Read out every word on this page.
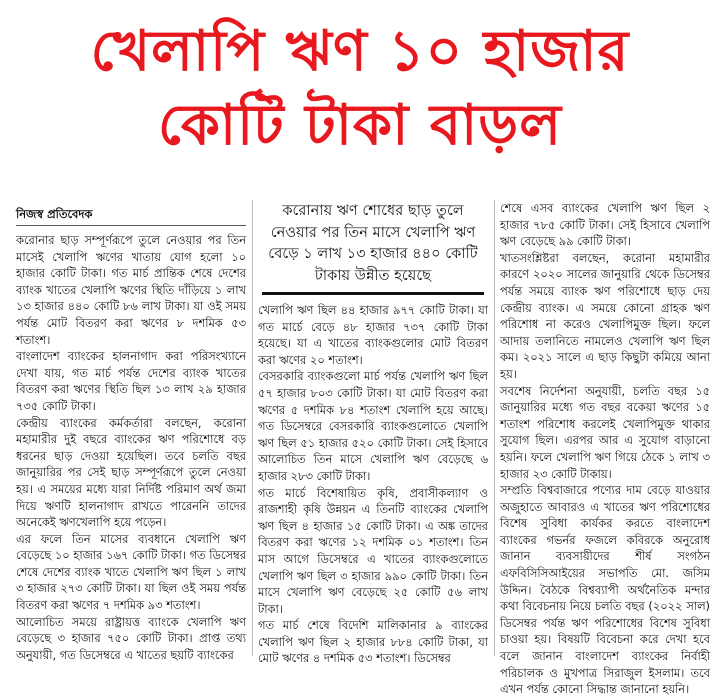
খেলাপি ঋণ ১০ হাজার
কোটি টাকা বাড়ল
নিজস্ব প্রতিবেদক

করোনার ছাড় সম্পূর্ণরূপে তুলে নেওয়ার পর তিন মাসেই খেলাপি ঋণের খাতায় যোগ হলো ১০ হাজার কোটি টাকা। গত মার্চ প্রান্তিক শেষে দেশের ব্যাংক খাতের খেলাপি ঋণের স্থিতি দাঁড়িয়ে ১ লাখ ১৩ হাজার ৪৪০ কোটি ৮৬ লাখ টাকা। যা ওই সময় পর্যন্ত মোট বিতরণ করা ঋণের ৮ দশমিক ৫৩ শতাংশ।

বাংলাদেশ ব্যাংকের হালনাগাদ করা পরিসংখ্যানে দেখা যায়, গত মার্চ পর্যন্ত দেশের ব্যাংক খাতের বিতরণ করা ঋণের স্থিতি ছিল ১৩ লাখ ২৯ হাজার ৭৩৫ কোটি টাকা।

কেন্দ্রীয় ব্যাংকের কর্মকর্তারা বলছেন, করোনা মহামারীর দুই বছরে ব্যাংকের ঋণ পরিশোধে বড় ধরনের ছাড় দেওয়া হয়েছিল। তবে চলতি বছর জানুয়ারির পর সেই ছাড় সম্পূর্ণরূপে তুলে নেওয়া হয়। এ সময়ের মধ্যে যারা নির্দিষ্ট পরিমাণ অর্থ জমা দিয়ে ঋণটি হালনাগাদ রাখতে পারেননি তাদের অনেকেই ঋণখেলাপি হয়ে পড়েন।

এর ফলে তিন মাসের ব্যবধানে খেলাপি ঋণ বেড়েছে ১০ হাজার ১৬৭ কোটি টাকা। গত ডিসেম্বর শেষে দেশের ব্যাংক খাতে খেলাপি ঋণ ছিল ১ লাখ ৩ হাজার ২৭৩ কোটি টাকা। যা ছিল ওই সময় পর্যন্ত বিতরণ করা ঋণের ৭ দশমিক ৯৩ শতাংশ।

আলোচিত সময়ে রাষ্ট্রায়ত্ত ব্যাংকে খেলাপি ঋণ বেড়েছে ৩ হাজার ৭৫০ কোটি টাকা। প্রাপ্ত তথ্য অনুযায়ী, গত ডিসেম্বরে এ খাতের ছয়টি ব্যাংকের

করোনায় ঋণ শোধের ছাড় তুলে নেওয়ার পর তিন মাসে খেলাপি ঋণ বেড়ে ১ লাখ ১৩ হাজার ৪৪০ কোটি টাকায় উন্নীত হয়েছে

খেলাপি ঋণ ছিল ৪৪ হাজার ৯৭৭ কোটি টাকা। যা গত মার্চে বেড়ে ৪৮ হাজার ৭৩৭ কোটি টাকা হয়েছে। যা এ খাতের ব্যাংকগুলোর মোট বিতরণ করা ঋণের ২০ শতাংশ।

বেসরকারি ব্যাংকগুলো মার্চ পর্যন্ত খেলাপি ঋণ ছিল ৫৭ হাজার ৮০৩ কোটি টাকা। যা মোট বিতরণ করা ঋণের ৫ দশমিক ৮৪ শতাংশ খেলাপি হয়ে আছে। গত ডিসেম্বরে বেসরকারি ব্যাংকগুলোতে খেলাপি ঋণ ছিল ৫১ হাজার ৫২০ কোটি টাকা। সেই হিসাবে আলোচিত তিন মাসে খেলাপি ঋণ বেড়েছে ৬ হাজার ২৮৩ কোটি টাকা।

গত মার্চে বিশেষায়িত কৃষি, প্রবাসীকল্যাণ ও রাজশাহী কৃষি উন্নয়ন এ তিনটি ব্যাংকের খেলাপি ঋণ ছিল ৪ হাজার ১৫ কোটি টাকা। এ অঙ্ক তাদের বিতরণ করা ঋণের ১২ দশমিক ০১ শতাংশ। তিন মাস আগে ডিসেম্বরে এ খাতের ব্যাংকগুলোতে খেলাপি ঋণ ছিল ৩ হাজার ৯৯০ কোটি টাকা। তিন মাসে খেলাপি ঋণ বেড়েছে ২৫ কোটি ৫৬ লাখ টাকা।

গত মার্চ শেষে বিদেশি মালিকানার ৯ ব্যাংকের খেলাপি ঋণ ছিল ২ হাজার ৮৮৪ কোটি টাকা, যা মোট ঋণের ৪ দশমিক ৫৩ শতাংশ। ডিসেম্বর

শেষে এসব ব্যাংকের খেলাপি ঋণ ছিল ২ হাজার ৭৮৫ কোটি টাকা। সেই হিসাবে খেলাপি ঋণ বেড়েছে ৯৯ কোটি টাকা।

খাতসংশ্লিষ্টরা বলছেন, করোনা মহামারীর কারণে ২০২০ সালের জানুয়ারি থেকে ডিসেম্বর পর্যন্ত সময়ে ব্যাংক ঋণ পরিশোধে ছাড় দেয় কেন্দ্রীয় ব্যাংক। এ সময়ে কোনো গ্রাহক ঋণ পরিশোধ না করেও খেলাপিমুক্ত ছিল। ফলে আদায় তলানিতে নামলেও খেলাপি ঋণ ছিল কম। ২০২১ সালে এ ছাড় কিছুটা কমিয়ে আনা হয়।

সবশেষ নির্দেশনা অনুযায়ী, চলতি বছর ১৫ জানুয়ারির মধ্যে গত বছর বকেয়া ঋণের ১৫ শতাংশ পরিশোধ করলেই খেলাপিমুক্ত থাকার সুযোগ ছিল। এরপর আর এ সুযোগ বাড়ানো হয়নি। ফলে খেলাপি ঋণ গিয়ে ঠেকে ১ লাখ ৩ হাজার ২৩ কোটি টাকায়।

সম্প্রতি বিশ্ববাজারে পণ্যের দাম বেড়ে যাওয়ার অজুহাতে আবারও এ খাতের ঋণ পরিশোধের বিশেষ সুবিধা কার্যকর করতে বাংলাদেশ ব্যাংকের গভর্নর ফজলে কবিরকে অনুরোধ জানান ব্যবসায়ীদের শীর্ষ সংগঠন এফবিসিসিআইয়ের সভাপতি মো. জসিম উদ্দিন। বৈঠকে বিশ্বব্যাপী অর্থনৈতিক মন্দার কথা বিবেচনায় নিয়ে চলতি বছর (২০২২ সাল) ডিসেম্বর পর্যন্ত ঋণ পরিশোধের বিশেষ সুবিধা চাওয়া হয়। বিষয়টি বিবেচনা করে দেখা হবে বলে জানান বাংলাদেশ ব্যাংকের নির্বাহী পরিচালক ও মুখপাত্র সিরাজুল ইসলাম। তবে এখন পর্যন্ত কোনো সিদ্ধান্ত জানানো হয়নি।
